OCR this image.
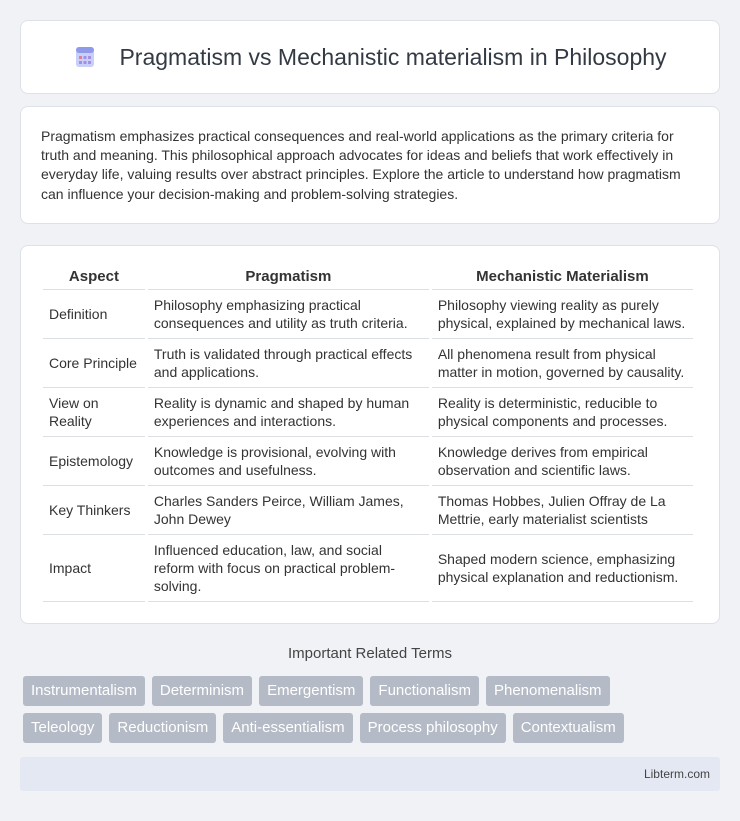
Pragmatism vs Mechanistic materialism in Philosophy

Pragmatism emphasizes practical consequences and real-world applications as the primary criteria for truth and meaning. This philosophical approach advocates for ideas and beliefs that work effectively in everyday life, valuing results over abstract principles. Explore the article to understand how pragmatism can influence your decision-making and problem-solving strategies.

Aspect	Pragmatism	Mechanistic Materialism
Definition	Philosophy emphasizing practical consequences and utility as truth criteria.	Philosophy viewing reality as purely physical, explained by mechanical laws.
Core Principle	Truth is validated through practical effects and applications.	All phenomena result from physical matter in motion, governed by causality.
View on Reality	Reality is dynamic and shaped by human experiences and interactions.	Reality is deterministic, reducible to physical components and processes.
Epistemology	Knowledge is provisional, evolving with outcomes and usefulness.	Knowledge derives from empirical observation and scientific laws.
Key Thinkers	Charles Sanders Peirce, William James, John Dewey	Thomas Hobbes, Julien Offray de La Mettrie, early materialist scientists
Impact	Influenced education, law, and social reform with focus on practical problem-solving.	Shaped modern science, emphasizing physical explanation and reductionism.
Important Related Terms
Instrumentalism	Determinism	Emergentism	Functionalism	Phenomenalism
Teleology	Reductionism	Anti-essentialism	Process philosophy	Contextualism
Libterm.com
